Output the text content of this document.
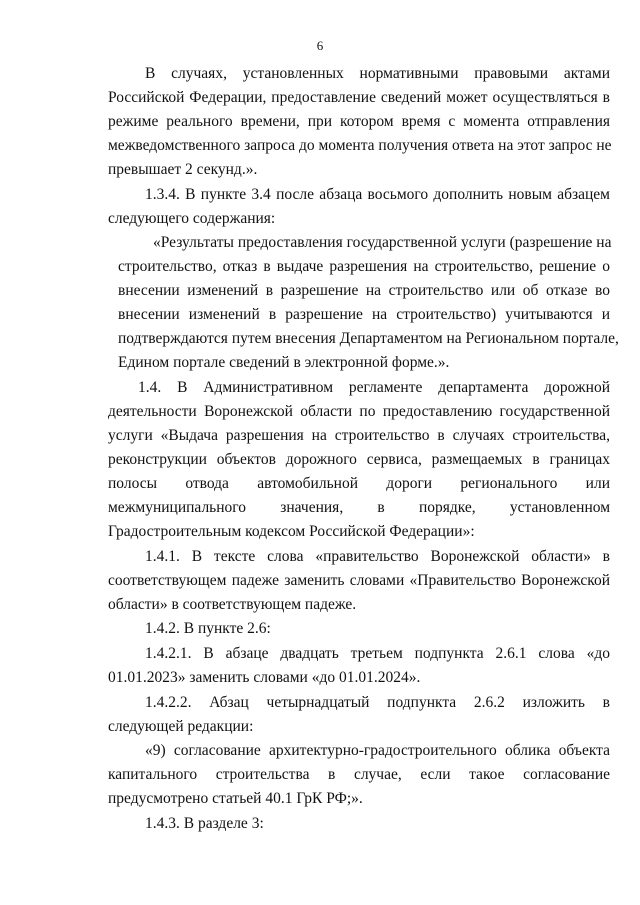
6
В случаях, установленных нормативными правовыми актами
Российской Федерации, предоставление сведений может осуществляться в
режиме реального времени, при котором время с момента отправления
межведомственного запроса до момента получения ответа на этот запрос не
превышает 2 секунд.».
1.3.4. В пункте 3.4 после абзаца восьмого дополнить новым абзацем
следующего содержания:
«Результаты предоставления государственной услуги (разрешение на
строительство, отказ в выдаче разрешения на строительство, решение о
внесении изменений в разрешение на строительство или об отказе во
внесении изменений в разрешение на строительство) учитываются и
подтверждаются путем внесения Департаментом на Региональном портале,
Едином портале сведений в электронной форме.».
1.4. В Административном регламенте департамента дорожной
деятельности Воронежской области по предоставлению государственной
услуги «Выдача разрешения на строительство в случаях строительства,
реконструкции объектов дорожного сервиса, размещаемых в границах
полосы отвода автомобильной дороги регионального или
межмуниципального значения, в порядке, установленном
Градостроительным кодексом Российской Федерации»:
1.4.1. В тексте слова «правительство Воронежской области» в
соответствующем падеже заменить словами «Правительство Воронежской
области» в соответствующем падеже.
1.4.2. В пункте 2.6:
1.4.2.1. В абзаце двадцать третьем подпункта 2.6.1 слова «до
01.01.2023» заменить словами «до 01.01.2024».
1.4.2.2. Абзац четырнадцатый подпункта 2.6.2 изложить в
следующей редакции:
«9) согласование архитектурно-градостроительного облика объекта
капитального строительства в случае, если такое согласование
предусмотрено статьей 40.1 ГрК РФ;».
1.4.3. В разделе 3:
